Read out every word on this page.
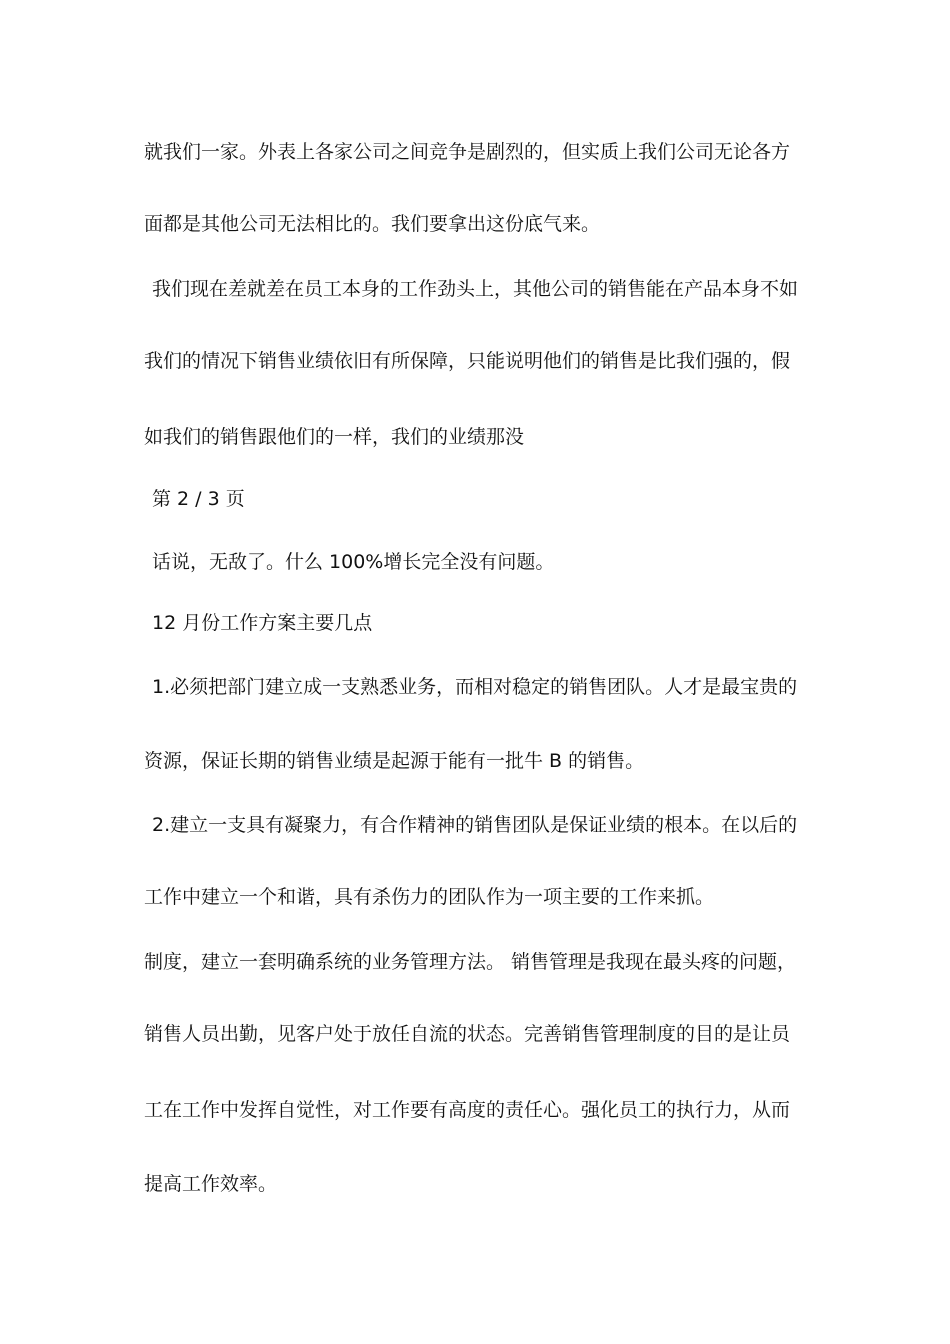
就我们一家。外表上各家公司之间竞争是剧烈的，但实质上我们公司无论各方
面都是其他公司无法相比的。我们要拿出这份底气来。
我们现在差就差在员工本身的工作劲头上，其他公司的销售能在产品本身不如
我们的情况下销售业绩依旧有所保障，只能说明他们的销售是比我们强的，假
如我们的销售跟他们的一样，我们的业绩那没
第 2 / 3 页
话说，无敌了。什么 100%增长完全没有问题。
12 月份工作方案主要几点
1.必须把部门建立成一支熟悉业务，而相对稳定的销售团队。人才是最宝贵的
资源，保证长期的销售业绩是起源于能有一批牛 B 的销售。
2.建立一支具有凝聚力，有合作精神的销售团队是保证业绩的根本。在以后的
工作中建立一个和谐，具有杀伤力的团队作为一项主要的工作来抓。
制度，建立一套明确系统的业务管理方法。 销售管理是我现在最头疼的问题，
销售人员出勤，见客户处于放任自流的状态。完善销售管理制度的目的是让员
工在工作中发挥自觉性，对工作要有高度的责任心。强化员工的执行力，从而
提高工作效率。
